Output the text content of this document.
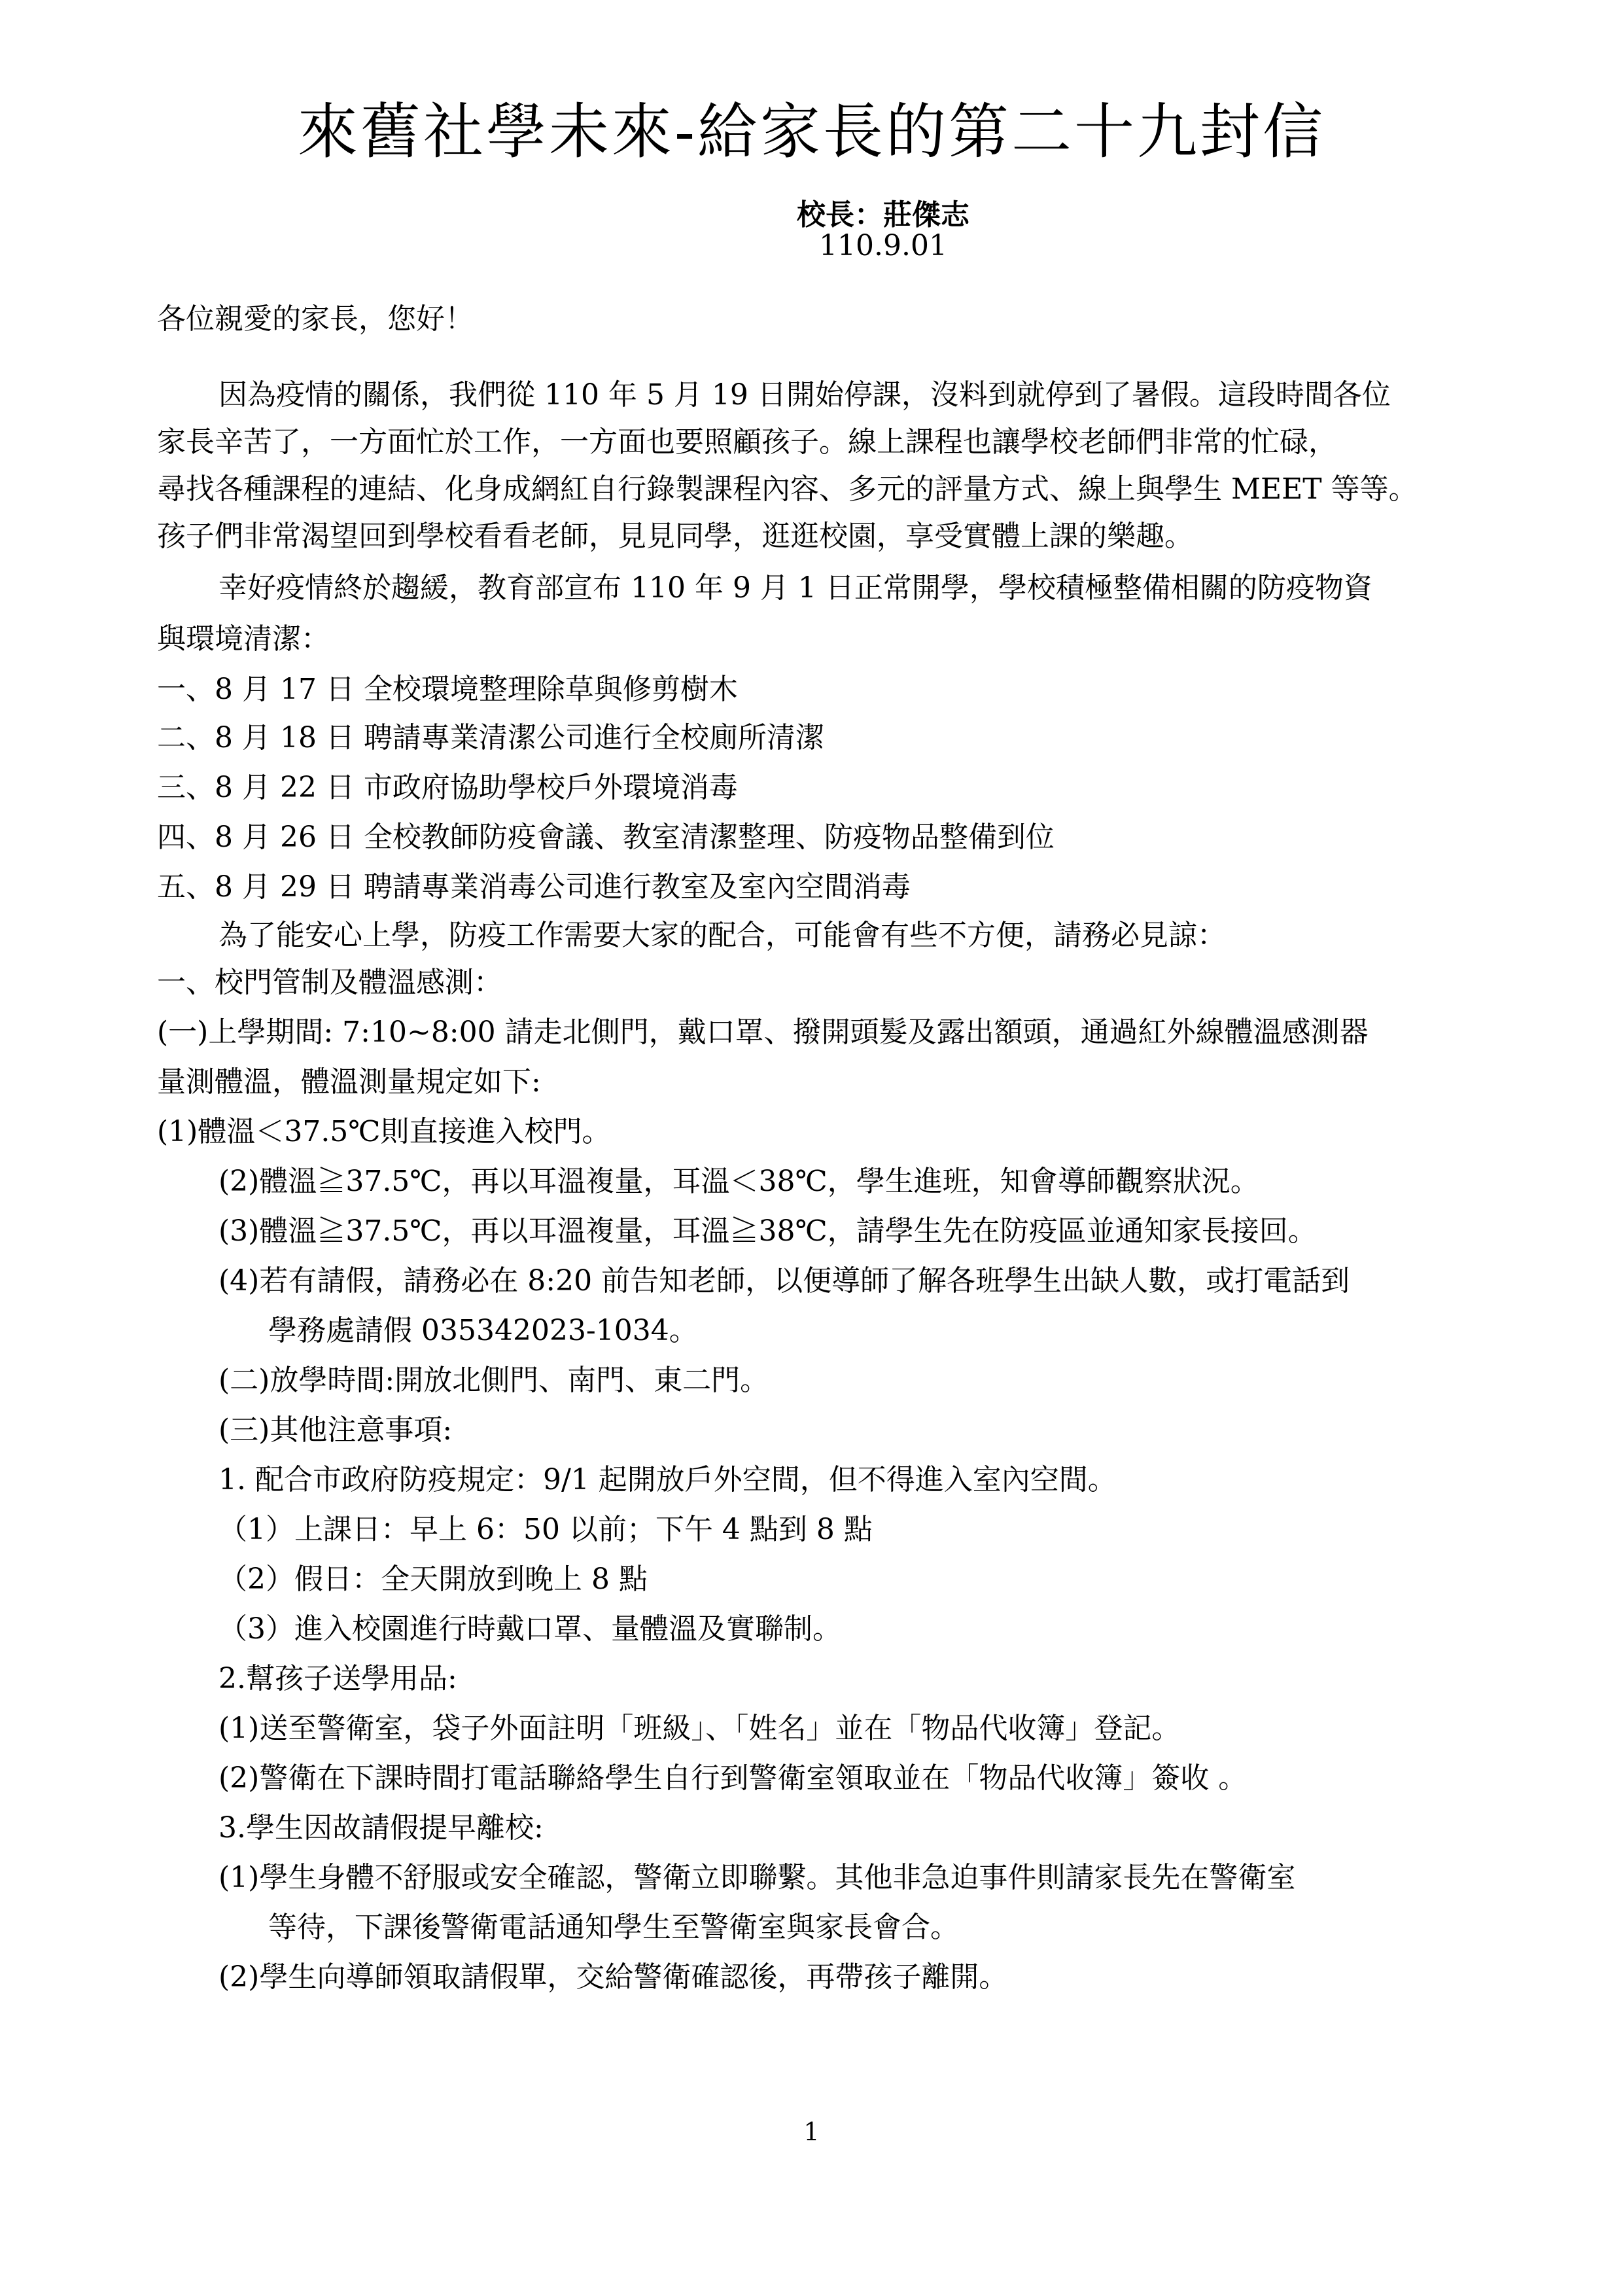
來舊社學未來-給家長的第二十九封信
校長：莊傑志
110.9.01
各位親愛的家長，您好！
因為疫情的關係，我們從 110 年 5 月 19 日開始停課，沒料到就停到了暑假。這段時間各位
家長辛苦了，一方面忙於工作，一方面也要照顧孩子。線上課程也讓學校老師們非常的忙碌，
尋找各種課程的連結、化身成網紅自行錄製課程內容、多元的評量方式、線上與學生 MEET 等等。
孩子們非常渴望回到學校看看老師，見見同學，逛逛校園，享受實體上課的樂趣。
幸好疫情終於趨緩，教育部宣布 110 年 9 月 1 日正常開學，學校積極整備相關的防疫物資
與環境清潔：
一、8 月 17 日 全校環境整理除草與修剪樹木
二、8 月 18 日 聘請專業清潔公司進行全校廁所清潔
三、8 月 22 日 市政府協助學校戶外環境消毒
四、8 月 26 日 全校教師防疫會議、教室清潔整理、防疫物品整備到位
五、8 月 29 日 聘請專業消毒公司進行教室及室內空間消毒
為了能安心上學，防疫工作需要大家的配合，可能會有些不方便，請務必見諒：
一、校門管制及體溫感測：
(一)上學期間: 7:10~8:00 請走北側門，戴口罩、撥開頭髮及露出額頭，通過紅外線體溫感測器
量測體溫，體溫測量規定如下:
(1)體溫＜37.5℃則直接進入校門。
(2)體溫≧37.5℃，再以耳溫複量，耳溫＜38℃，學生進班，知會導師觀察狀況。
(3)體溫≧37.5℃，再以耳溫複量，耳溫≧38℃，請學生先在防疫區並通知家長接回。
(4)若有請假，請務必在 8:20 前告知老師，以便導師了解各班學生出缺人數，或打電話到
學務處請假 035342023-1034。
(二)放學時間:開放北側門、南門、東二門。
(三)其他注意事項:
1. 配合市政府防疫規定：9/1 起開放戶外空間，但不得進入室內空間。
（1）上課日：早上 6：50 以前；下午 4 點到 8 點
（2）假日：全天開放到晚上 8 點
（3）進入校園進行時戴口罩、量體溫及實聯制。
2.幫孩子送學用品:
(1)送至警衛室，袋子外面註明「班級」、「姓名」並在「物品代收簿」登記。
(2)警衛在下課時間打電話聯絡學生自行到警衛室領取並在「物品代收簿」簽收 。
3.學生因故請假提早離校:
(1)學生身體不舒服或安全確認，警衛立即聯繫。其他非急迫事件則請家長先在警衛室
等待，下課後警衛電話通知學生至警衛室與家長會合。
(2)學生向導師領取請假單，交給警衛確認後，再帶孩子離開。
1
